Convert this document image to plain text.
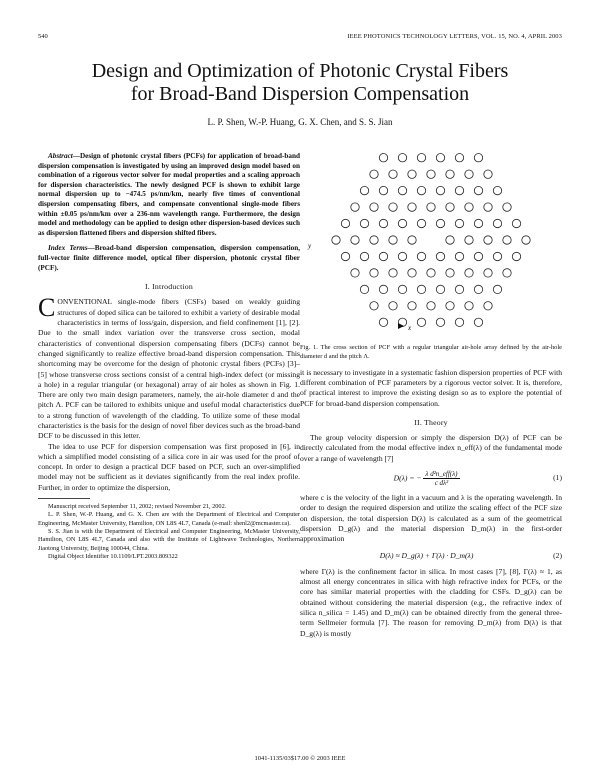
540	IEEE PHOTONICS TECHNOLOGY LETTERS, VOL. 15, NO. 4, APRIL 2003
Design and Optimization of Photonic Crystal Fibers
for Broad-Band Dispersion Compensation
L. P. Shen, W.-P. Huang, G. X. Chen, and S. S. Jian

Abstract—Design of photonic crystal fibers (PCFs) for application of broad-band dispersion compensation is investigated by using an improved design model based on combination of a rigorous vector solver for modal properties and a scaling approach for dispersion characteristics. The newly designed PCF is shown to exhibit large normal dispersion up to −474.5 ps/nm/km, nearly five times of conventional dispersion compensating fibers, and compensate conventional single-mode fibers within ±0.05 ps/nm/km over a 236-nm wavelength range. Furthermore, the design model and methodology can be applied to design other dispersion-based devices such as dispersion flattened fibers and dispersion shifted fibers.

Index Terms—Broad-band dispersion compensation, dispersion compensation, full-vector finite difference model, optical fiber dispersion, photonic crystal fiber (PCF).

I. Introduction

CONVENTIONAL single-mode fibers (CSFs) based on weakly guiding structures of doped silica can be tailored to exhibit a variety of desirable modal characteristics in terms of loss/gain, dispersion, and field confinement [1], [2]. Due to the small index variation over the transverse cross section, modal characteristics of conventional dispersion compensating fibers (DCFs) cannot be changed significantly to realize effective broad-band dispersion compensation. This shortcoming may be overcome for the design of photonic crystal fibers (PCFs) [3]–[5] whose transverse cross sections consist of a central high-index defect (or missing a hole) in a regular triangular (or hexagonal) array of air holes as shown in Fig. 1. There are only two main design parameters, namely, the air-hole diameter d and the pitch Λ. PCF can be tailored to exhibits unique and useful modal characteristics due to a strong function of wavelength of the cladding. To utilize some of these modal characteristics is the basis for the design of novel fiber devices such as the broad-band DCF to be discussed in this letter.

The idea to use PCF for dispersion compensation was first proposed in [6], in which a simplified model consisting of a silica core in air was used for the proof of concept. In order to design a practical DCF based on PCF, such an over-simplified model may not be sufficient as it deviates significantly from the real index profile. Further, in order to optimize the dispersion,

Manuscript received September 11, 2002; revised November 21, 2002.

L. P. Shen, W.-P. Huang, and G. X. Chen are with the Department of Electrical and Computer Engineering, McMaster University, Hamilton, ON L8S 4L7, Canada (e-mail: shenl2@mcmaster.ca).

S. S. Jian is with the Department of Electrical and Computer Engineering, McMaster University, Hamilton, ON L8S 4L7, Canada and also with the Institute of Lightwave Technologies, Northern Jiaotong University, Beijing 100044, China.

Digital Object Identifier 10.1109/LPT.2003.809322

y
x

Fig. 1. The cross section of PCF with a regular triangular air-hole array defined by the air-hole diameter d and the pitch Λ.

it is necessary to investigate in a systematic fashion dispersion properties of PCF with different combination of PCF parameters by a rigorous vector solver. It is, therefore, of practical interest to improve the existing design so as to explore the potential of PCF for broad-band dispersion compensation.

II. Theory

The group velocity dispersion or simply the dispersion D(λ) of PCF can be directly calculated from the modal effective index n_eff(λ) of the fundamental mode over a range of wavelength [7]

D(λ) = − $\frac{\text{λ d²n\_eff(λ)}}{\text{c dλ²}}$	(1)

where c is the velocity of the light in a vacuum and λ is the operating wavelength. In order to design the required dispersion and utilize the scaling effect of the PCF size on dispersion, the total dispersion D(λ) is calculated as a sum of the geometrical dispersion D_g(λ) and the material dispersion D_m(λ) in the first-order approximation

D(λ) ≈ D_g(λ) + Γ(λ) · D_m(λ)	(2)

where Γ(λ) is the confinement factor in silica. In most cases [7], [8], Γ(λ) ≈ 1, as almost all energy concentrates in silica with high refractive index for PCFs, or the core has similar material properties with the cladding for CSFs. D_g(λ) can be obtained without considering the material dispersion (e.g., the refractive index of silica n_silica = 1.45) and D_m(λ) can be obtained directly from the general three-term Sellmeier formula [7]. The reason for removing D_m(λ) from D(λ) is that D_g(λ) is mostly

1041-1135/03$17.00 © 2003 IEEE
